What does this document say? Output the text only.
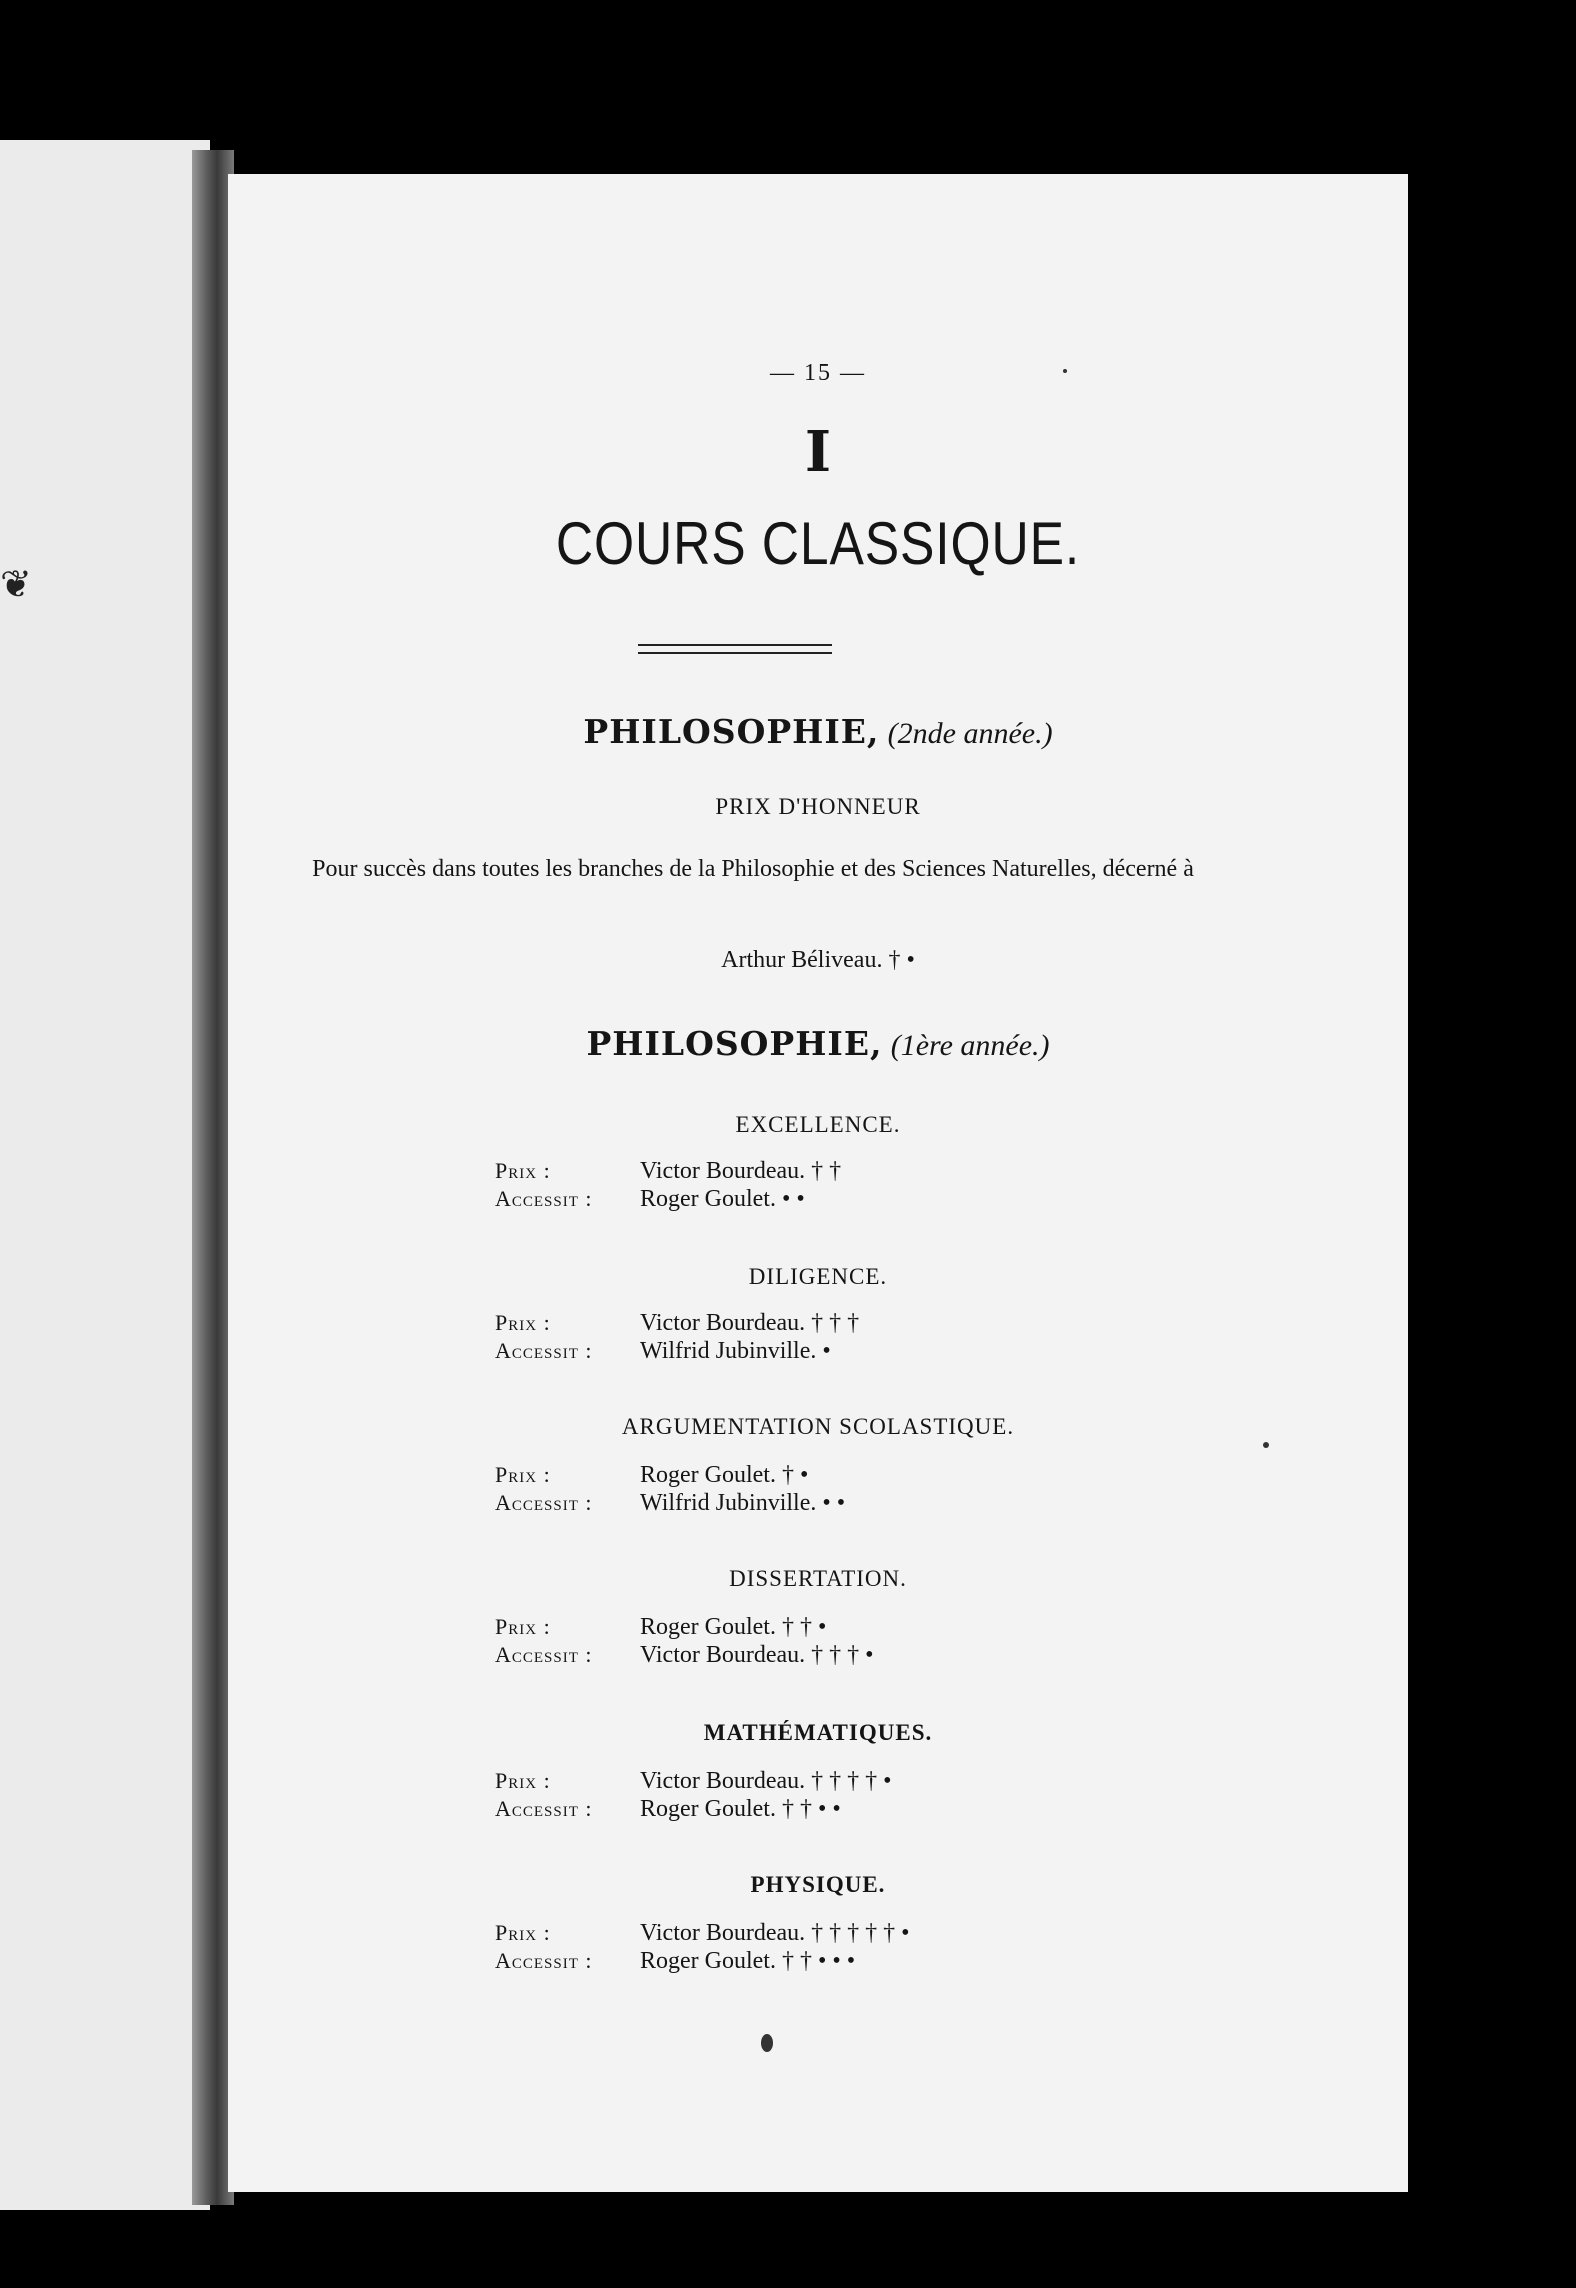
❦
— 15 —
I
COURS CLASSIQUE.
PHILOSOPHIE, (2nde année.)
PRIX D'HONNEUR
Pour succès dans toutes les branches de la Philosophie et des Sciences Naturelles, décerné à
Arthur Béliveau. † •
PHILOSOPHIE, (1ère année.)
EXCELLENCE.
Prix :	Victor Bourdeau. † †
Accessit : Roger Goulet. • •
DILIGENCE.
Prix :	Victor Bourdeau. † † †
Accessit : Wilfrid Jubinville. •
ARGUMENTATION SCOLASTIQUE.
Prix :	Roger Goulet. † •
Accessit : Wilfrid Jubinville. • •
DISSERTATION.
Prix :	Roger Goulet. † † •
Accessit : Victor Bourdeau. † † † •
MATHÉMATIQUES.
Prix :	Victor Bourdeau. † † † † •
Accessit : Roger Goulet. † † • •
PHYSIQUE.
Prix :	Victor Bourdeau. † † † † † •
Accessit : Roger Goulet. † † • • •
